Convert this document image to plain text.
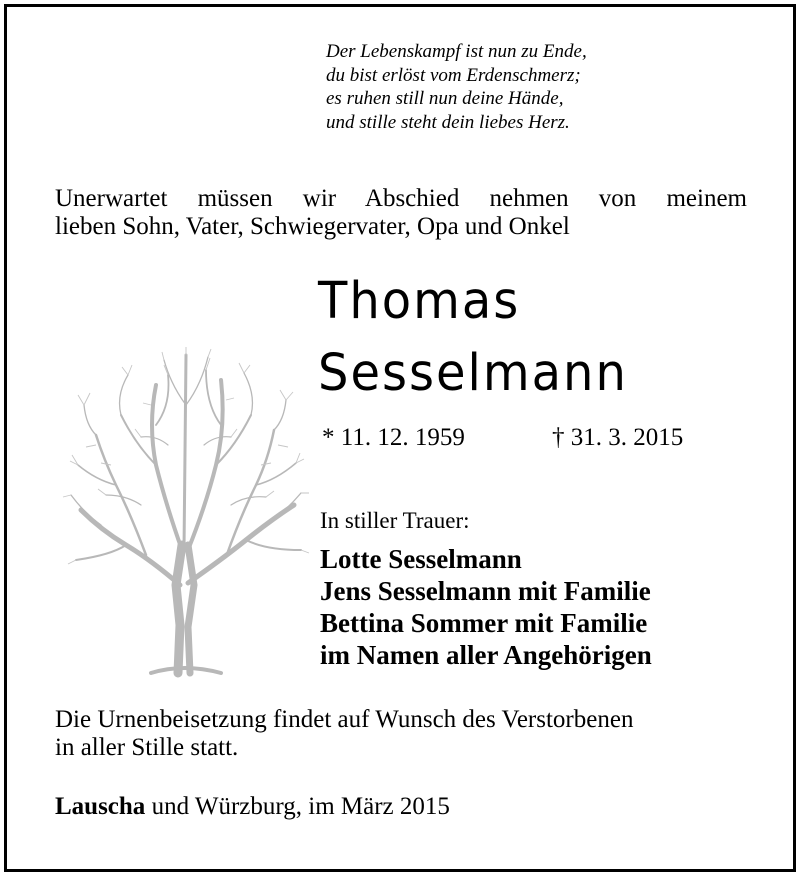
Der Lebenskampf ist nun zu Ende,
du bist erlöst vom Erdenschmerz;
es ruhen still nun deine Hände,
und stille steht dein liebes Herz.
Unerwartet müssen wir Abschied nehmen von meinem
lieben Sohn, Vater, Schwiegervater, Opa und Onkel
Thomas
Sesselmann
* 11. 12. 1959	† 31. 3. 2015
In stiller Trauer:
Lotte Sesselmann
Jens Sesselmann mit Familie
Bettina Sommer mit Familie
im Namen aller Angehörigen
Die Urnenbeisetzung findet auf Wunsch des Verstorbenen
in aller Stille statt.
Lauscha und Würzburg, im März 2015
